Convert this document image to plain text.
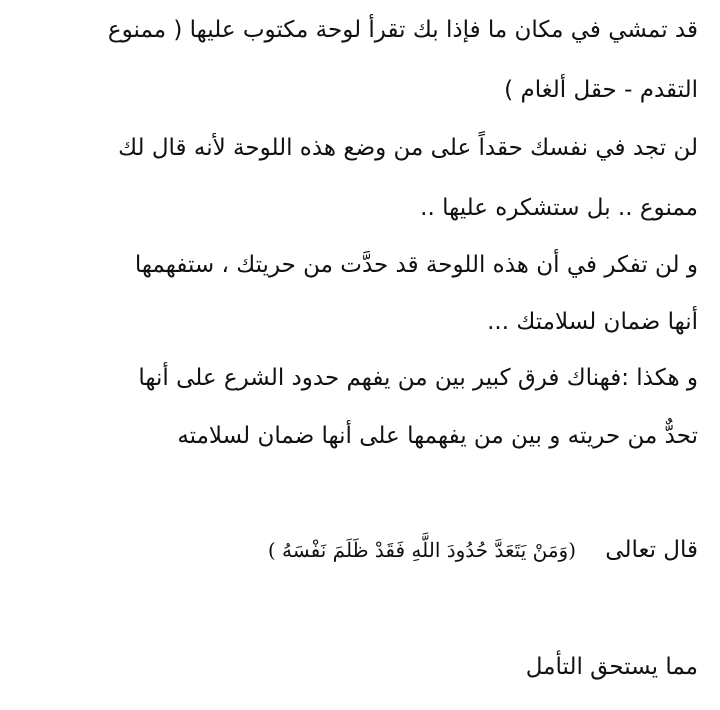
قد تمشي في مكان ما فإذا بك تقرأ لوحة مكتوب عليها ( ممنوع
التقدم - حقل ألغام )
لن تجد في نفسك حقداً على من وضع هذه اللوحة لأنه قال لك
ممنوع .. بل ستشكره عليها ..
و لن تفكر في أن هذه اللوحة قد حدَّت من حريتك ، ستفهمها
أنها ضمان لسلامتك ...
و هكذا :فهناك فرق كبير بين من يفهم حدود الشرع على أنها
تحدٌّ من حريته و بين من يفهمها على أنها ضمان لسلامته
قال تعالى    (وَمَنْ يَتَعَدَّ حُدُودَ اللَّهِ فَقَدْ ظَلَمَ نَفْسَهُ )
مما يستحق التأمل
